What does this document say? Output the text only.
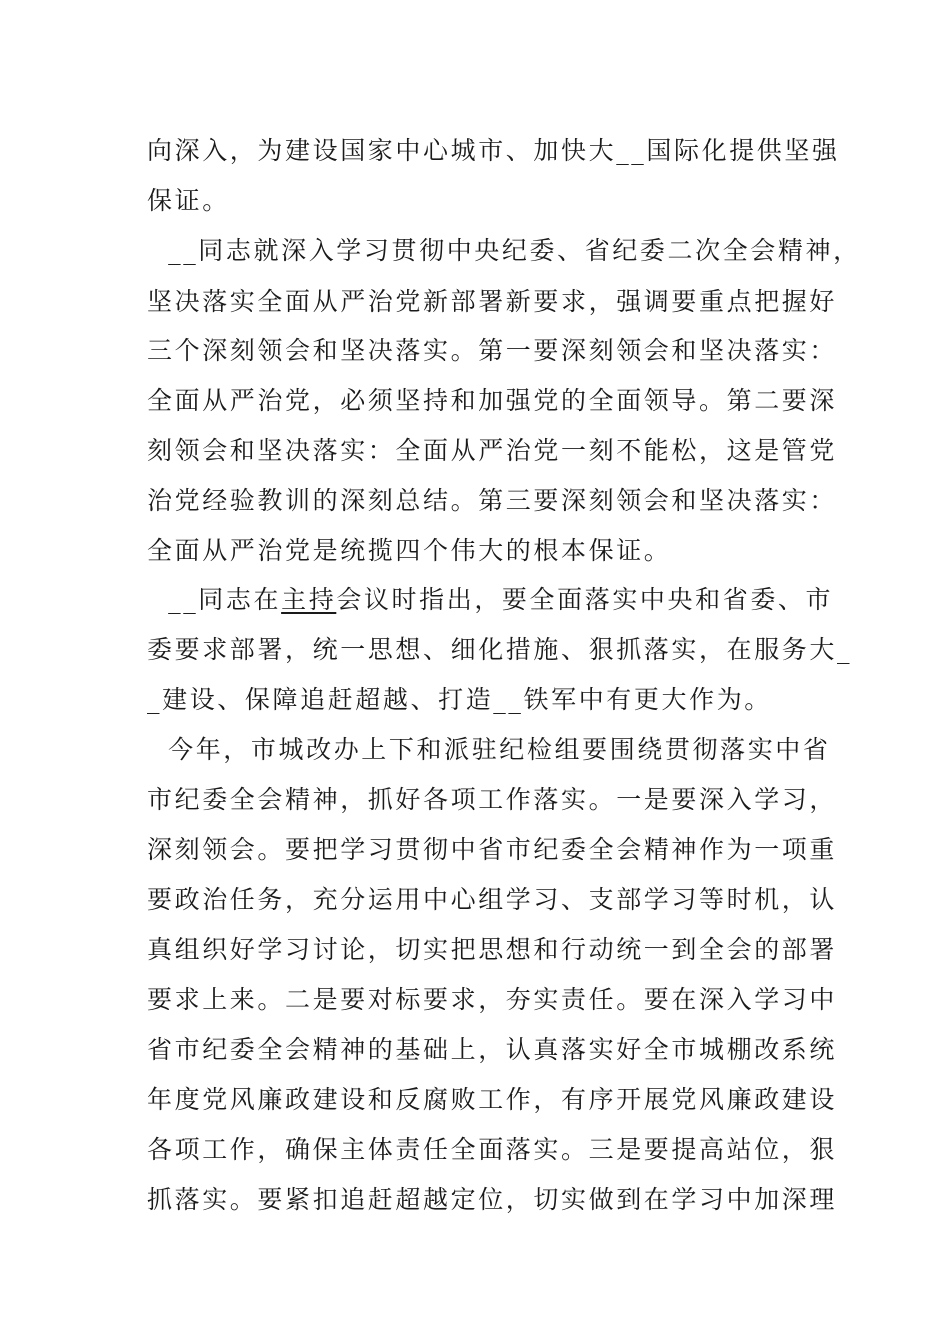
向深入，为建设国家中心城市、加快大__国际化提供坚强
保证。
__同志就深入学习贯彻中央纪委、省纪委二次全会精神，
坚决落实全面从严治党新部署新要求，强调要重点把握好
三个深刻领会和坚决落实。第一要深刻领会和坚决落实：
全面从严治党，必须坚持和加强党的全面领导。第二要深
刻领会和坚决落实：全面从严治党一刻不能松，这是管党
治党经验教训的深刻总结。第三要深刻领会和坚决落实：
全面从严治党是统揽四个伟大的根本保证。
__同志在主持会议时指出，要全面落实中央和省委、市
委要求部署，统一思想、细化措施、狠抓落实，在服务大_
_建设、保障追赶超越、打造__铁军中有更大作为。
今年，市城改办上下和派驻纪检组要围绕贯彻落实中省
市纪委全会精神，抓好各项工作落实。一是要深入学习，
深刻领会。要把学习贯彻中省市纪委全会精神作为一项重
要政治任务，充分运用中心组学习、支部学习等时机，认
真组织好学习讨论，切实把思想和行动统一到全会的部署
要求上来。二是要对标要求，夯实责任。要在深入学习中
省市纪委全会精神的基础上，认真落实好全市城棚改系统
年度党风廉政建设和反腐败工作，有序开展党风廉政建设
各项工作，确保主体责任全面落实。三是要提高站位，狠
抓落实。要紧扣追赶超越定位，切实做到在学习中加深理
